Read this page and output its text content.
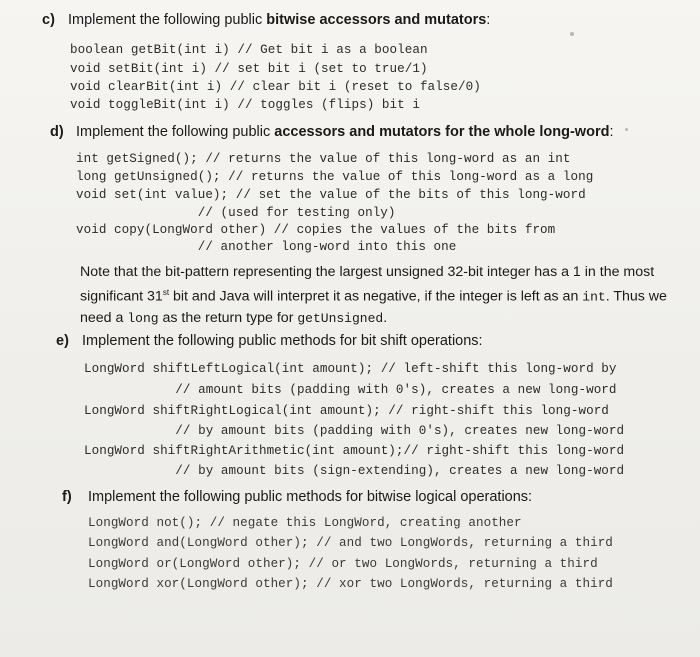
c) Implement the following public bitwise accessors and mutators:
boolean getBit(int i) // Get bit i as a boolean
void setBit(int i) // set bit i (set to true/1)
void clearBit(int i) // clear bit i (reset to false/0)
void toggleBit(int i) // toggles (flips) bit i
d) Implement the following public accessors and mutators for the whole long-word:
int getSigned(); // returns the value of this long-word as an int
long getUnsigned(); // returns the value of this long-word as a long
void set(int value); // set the value of the bits of this long-word
// (used for testing only)
void copy(LongWord other) // copies the values of the bits from
// another long-word into this one
Note that the bit-pattern representing the largest unsigned 32-bit integer has a 1 in the most significant 31st bit and Java will interpret it as negative, if the integer is left as an int. Thus we need a long as the return type for getUnsigned.
e) Implement the following public methods for bit shift operations:
LongWord shiftLeftLogical(int amount); // left-shift this long-word by
// amount bits (padding with 0's), creates a new long-word
LongWord shiftRightLogical(int amount); // right-shift this long-word
// by amount bits (padding with 0's), creates new long-word
LongWord shiftRightArithmetic(int amount);// right-shift this long-word
// by amount bits (sign-extending), creates a new long-word
f) Implement the following public methods for bitwise logical operations:
LongWord not(); // negate this LongWord, creating another
LongWord and(LongWord other); // and two LongWords, returning a third
LongWord or(LongWord other); // or two LongWords, returning a third
LongWord xor(LongWord other); // xor two LongWords, returning a third
